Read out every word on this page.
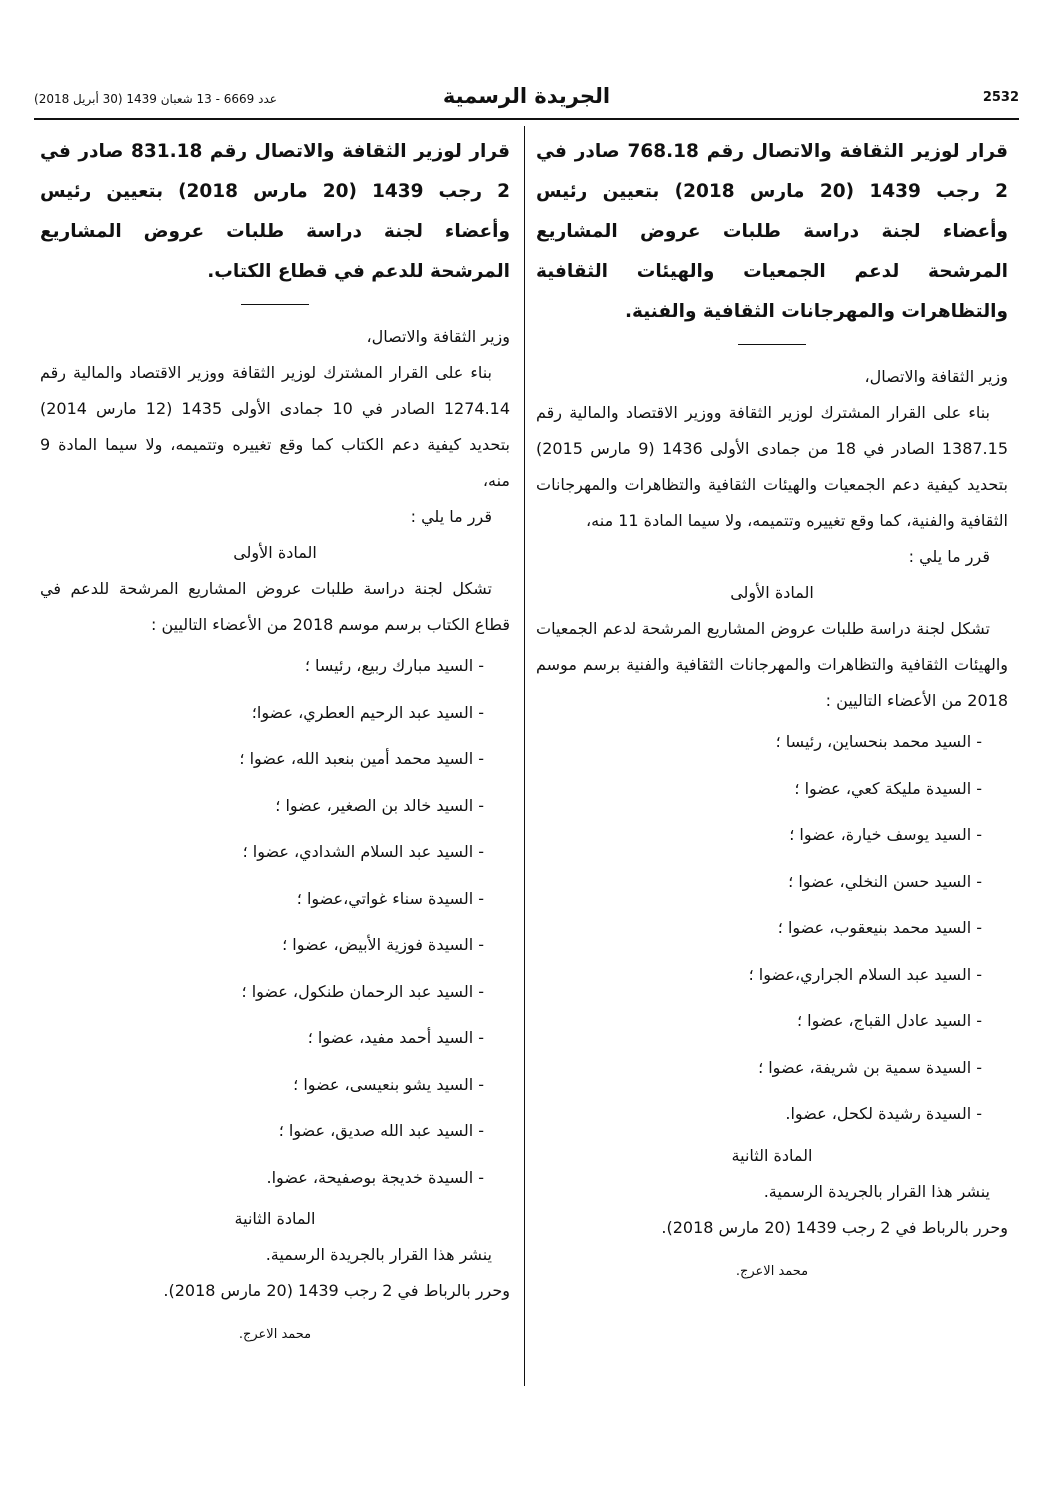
2532
الجريدة الرسمية
عدد 6669 - 13 شعبان 1439 (30 أبريل 2018)

قرار لوزير الثقافة والاتصال رقم 768.18 صادر في 2 رجب 1439 (20 مارس 2018) بتعيين رئيس وأعضاء لجنة دراسة طلبات عروض المشاريع المرشحة لدعم الجمعيات والهيئات الثقافية والتظاهرات والمهرجانات الثقافية والفنية.

وزير الثقافة والاتصال،

بناء على القرار المشترك لوزير الثقافة ووزير الاقتصاد والمالية رقم 1387.15 الصادر في 18 من جمادى الأولى 1436 (9 مارس 2015) بتحديد كيفية دعم الجمعيات والهيئات الثقافية والتظاهرات والمهرجانات الثقافية والفنية، كما وقع تغييره وتتميمه، ولا سيما المادة 11 منه،

قرر ما يلي :

المادة الأولى

تشكل لجنة دراسة طلبات عروض المشاريع المرشحة لدعم الجمعيات والهيئات الثقافية والتظاهرات والمهرجانات الثقافية والفنية برسم موسم 2018 من الأعضاء التاليين :

- السيد محمد بنحساين، رئيسا ؛
- السيدة مليكة كعي، عضوا ؛
- السيد يوسف خيارة، عضوا ؛
- السيد حسن النخلي، عضوا ؛
- السيد محمد بنيعقوب، عضوا ؛
- السيد عبد السلام الجراري،عضوا ؛
- السيد عادل القباج، عضوا ؛
- السيدة سمية بن شريفة، عضوا ؛
- السيدة رشيدة لكحل، عضوا.

المادة الثانية

ينشر هذا القرار بالجريدة الرسمية.

وحرر بالرباط في 2 رجب 1439 (20 مارس 2018).

محمد الاعرج.

قرار لوزير الثقافة والاتصال رقم 831.18 صادر في 2 رجب 1439 (20 مارس 2018) بتعيين رئيس وأعضاء لجنة دراسة طلبات عروض المشاريع المرشحة للدعم في قطاع الكتاب.

وزير الثقافة والاتصال،

بناء على القرار المشترك لوزير الثقافة ووزير الاقتصاد والمالية رقم 1274.14 الصادر في 10 جمادى الأولى 1435 (12 مارس 2014) بتحديد كيفية دعم الكتاب كما وقع تغييره وتتميمه، ولا سيما المادة 9 منه،

قرر ما يلي :

المادة الأولى

تشكل لجنة دراسة طلبات عروض المشاريع المرشحة للدعم في قطاع الكتاب برسم موسم 2018 من الأعضاء التاليين :

- السيد مبارك ربيع، رئيسا ؛
- السيد عبد الرحيم العطري، عضوا؛
- السيد محمد أمين بنعبد الله، عضوا ؛
- السيد خالد بن الصغير، عضوا ؛
- السيد عبد السلام الشدادي، عضوا ؛
- السيدة سناء غواتي،عضوا ؛
- السيدة فوزية الأبيض، عضوا ؛
- السيد عبد الرحمان طنكول، عضوا ؛
- السيد أحمد مفيد، عضوا ؛
- السيد يشو بنعيسى، عضوا ؛
- السيد عبد الله صديق، عضوا ؛
- السيدة خديجة بوصفيحة، عضوا.

المادة الثانية

ينشر هذا القرار بالجريدة الرسمية.

وحرر بالرباط في 2 رجب 1439 (20 مارس 2018).

محمد الاعرج.
